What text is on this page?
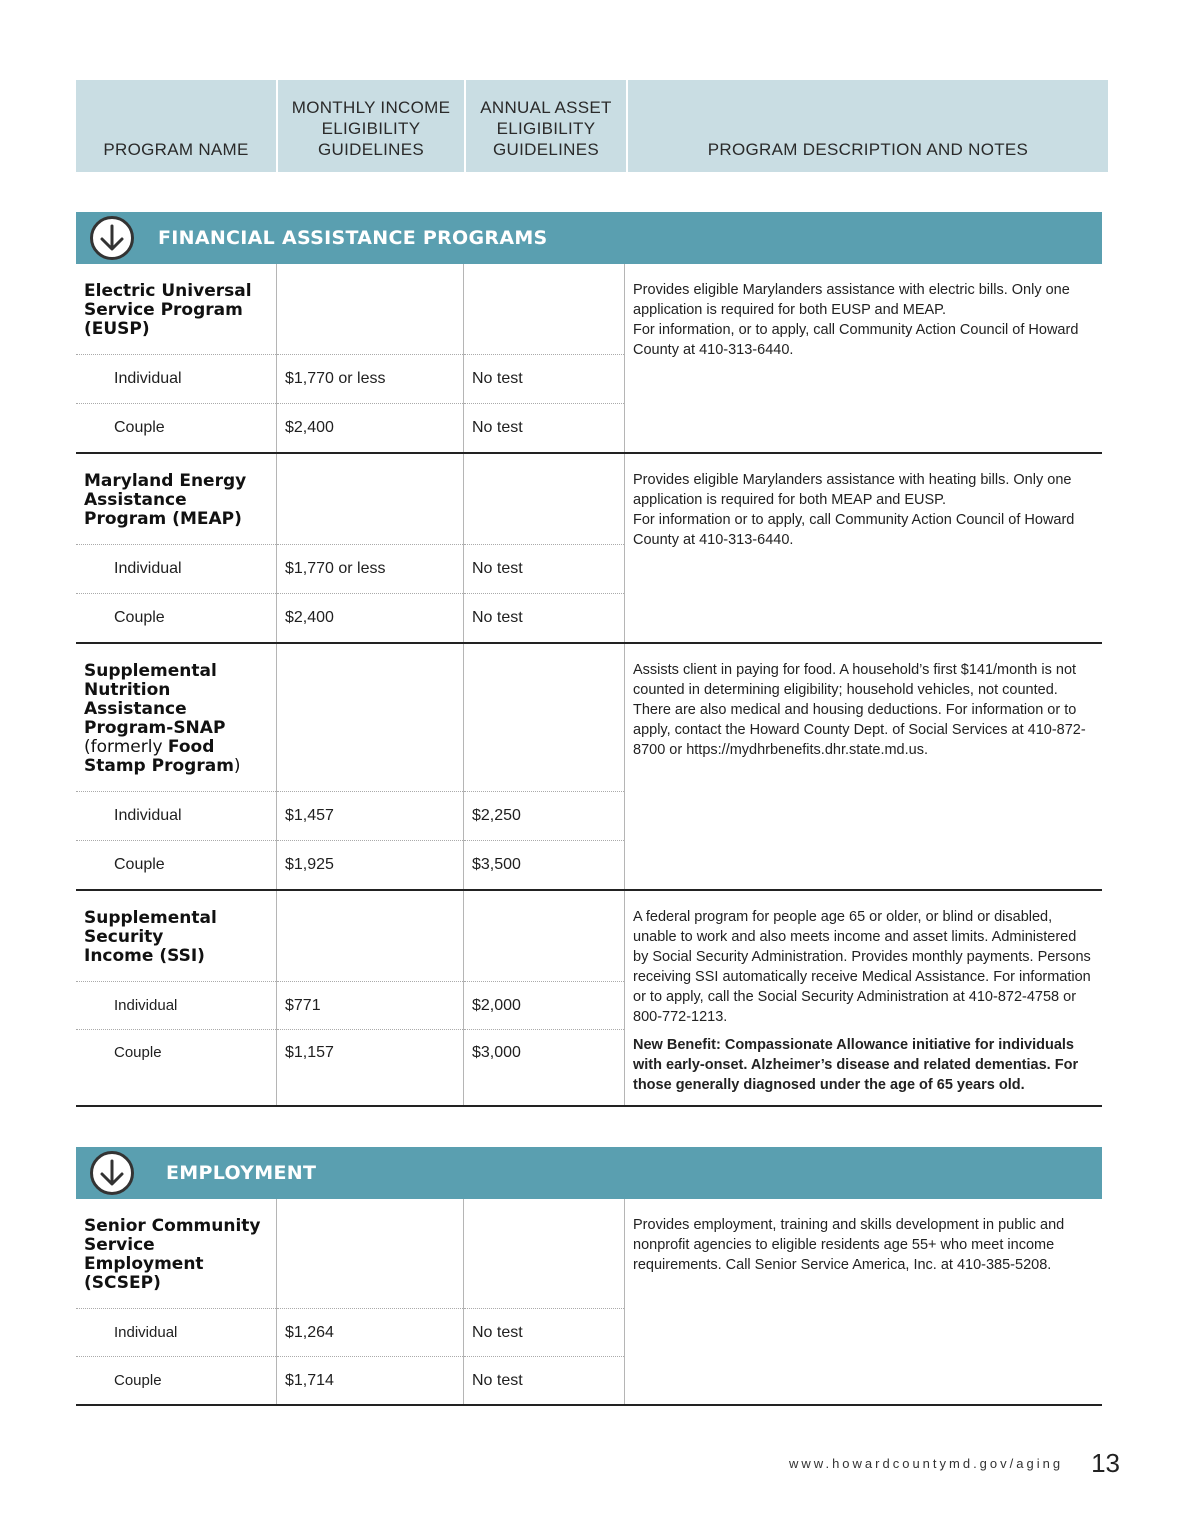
PROGRAM NAME
MONTHLY INCOME
ELIGIBILITY
GUIDELINES
ANNUAL ASSET
ELIGIBILITY
GUIDELINES	PROGRAM DESCRIPTION AND NOTES
FINANCIAL ASSISTANCE PROGRAMS
Electric Universal
Service Program
(EUSP)
Individual
Couple
$1,770 or less
$2,400
No test
No test

Provides eligible Marylanders assistance with electric bills. Only one application is required for both EUSP and MEAP.

For information, or to apply, call Community Action Council of Howard County at 410-313-6440.

Maryland Energy
Assistance
Program (MEAP)
Individual
Couple
$1,770 or less
$2,400
No test
No test

Provides eligible Marylanders assistance with heating bills. Only one application is required for both MEAP and EUSP.

For information or to apply, call Community Action Council of Howard County at 410-313-6440.

Supplemental
Nutrition
Assistance
Program-SNAP
(formerly Food
Stamp Program)
Individual
Couple
$1,457
$1,925
$2,250
$3,500

Assists client in paying for food. A household’s first $141/month is not counted in determining eligibility; household vehicles, not counted. There are also medical and housing deductions. For information or to apply, contact the Howard County Dept. of Social Services at 410-872-8700 or https://mydhrbenefits.dhr.state.md.us.

Supplemental
Security
Income (SSI)
Individual
Couple
$771
$1,157
$2,000
$3,000

A federal program for people age 65 or older, or blind or disabled, unable to work and also meets income and asset limits. Administered by Social Security Administration. Provides monthly payments. Persons receiving SSI automatically receive Medical Assistance. For information or to apply, call the Social Security Administration at 410-872-4758 or 800-772-1213.

New Benefit: Compassionate Allowance initiative for individuals with early-onset. Alzheimer’s disease and related dementias. For those generally diagnosed under the age of 65 years old.

EMPLOYMENT
Senior Community
Service
Employment
(SCSEP)
Individual
Couple
$1,264
$1,714
No test
No test

Provides employment, training and skills development in public and nonprofit agencies to eligible residents age 55+ who meet income requirements. Call Senior Service America, Inc. at 410-385-5208.

www.howardcountymd.gov/aging 13
